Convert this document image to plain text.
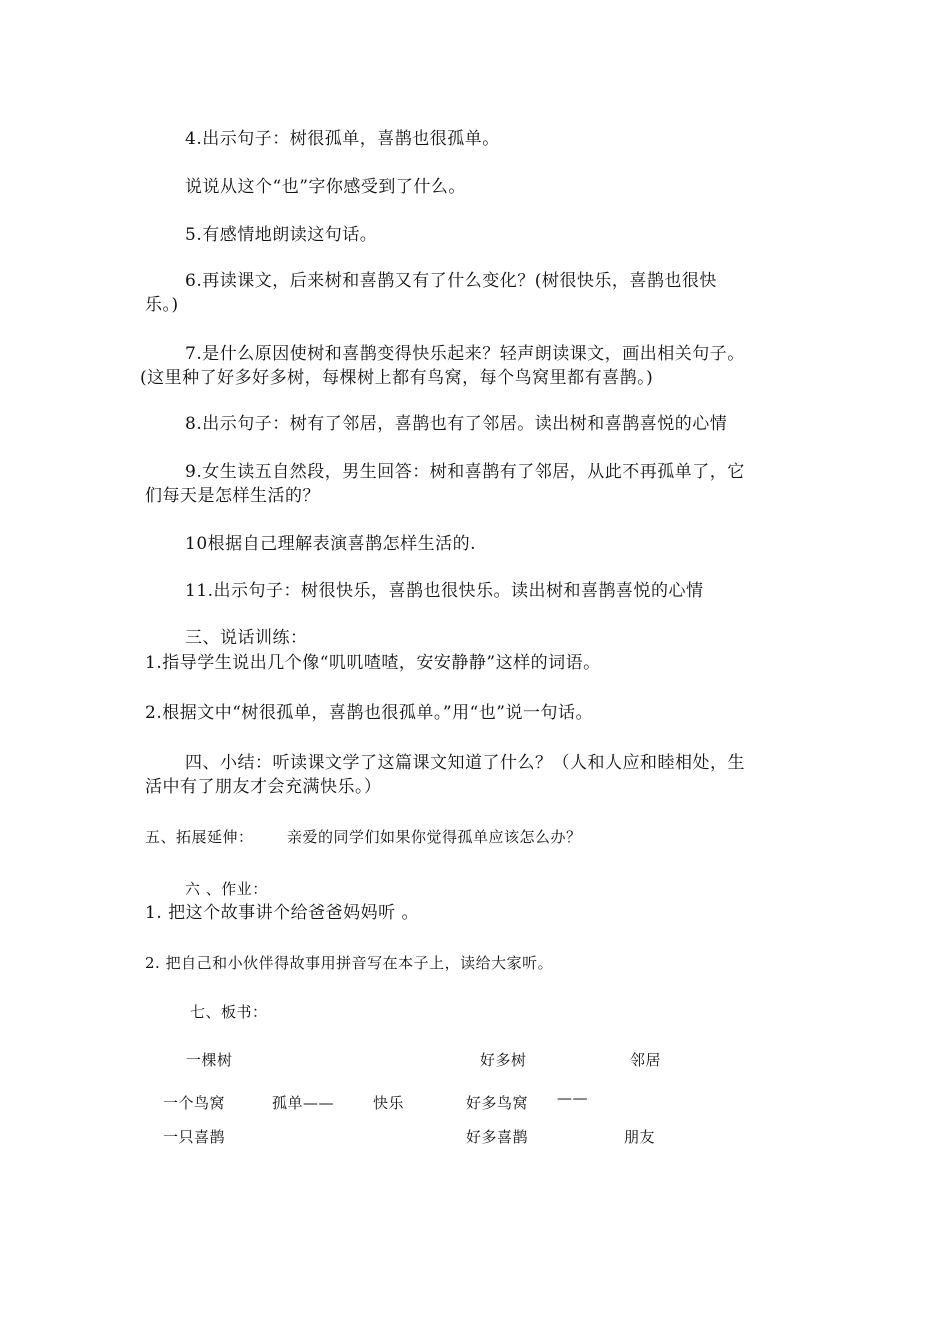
4.出示句子：树很孤单，喜鹊也很孤单。
说说从这个“也”字你感受到了什么。
5.有感情地朗读这句话。
6.再读课文，后来树和喜鹊又有了什么变化？(树很快乐，喜鹊也很快
乐。)
7.是什么原因使树和喜鹊变得快乐起来？轻声朗读课文，画出相关句子。
(这里种了好多好多树，每棵树上都有鸟窝，每个鸟窝里都有喜鹊。)
8.出示句子：树有了邻居，喜鹊也有了邻居。读出树和喜鹊喜悦的心情
9.女生读五自然段，男生回答：树和喜鹊有了邻居，从此不再孤单了，它
们每天是怎样生活的？
10根据自己理解表演喜鹊怎样生活的.
11.出示句子：树很快乐，喜鹊也很快乐。读出树和喜鹊喜悦的心情
三、说话训练：
1.指导学生说出几个像“叽叽喳喳，安安静静”这样的词语。
2.根据文中“树很孤单，喜鹊也很孤单。”用“也”说一句话。
四、小结：听读课文学了这篇课文知道了什么？（人和人应和睦相处，生
活中有了朋友才会充满快乐。）
五、拓展延伸： 亲爱的同学们如果你觉得孤单应该怎么办？
六 、作业：
1. 把这个故事讲个给爸爸妈妈听 。
2. 把自己和小伙伴得故事用拼音写在本子上，读给大家听。
七、板书：
一棵树	好多树	邻居
一个鸟窝	孤单——	快乐	好多鸟窝 ——
一只喜鹊	好多喜鹊	朋友
